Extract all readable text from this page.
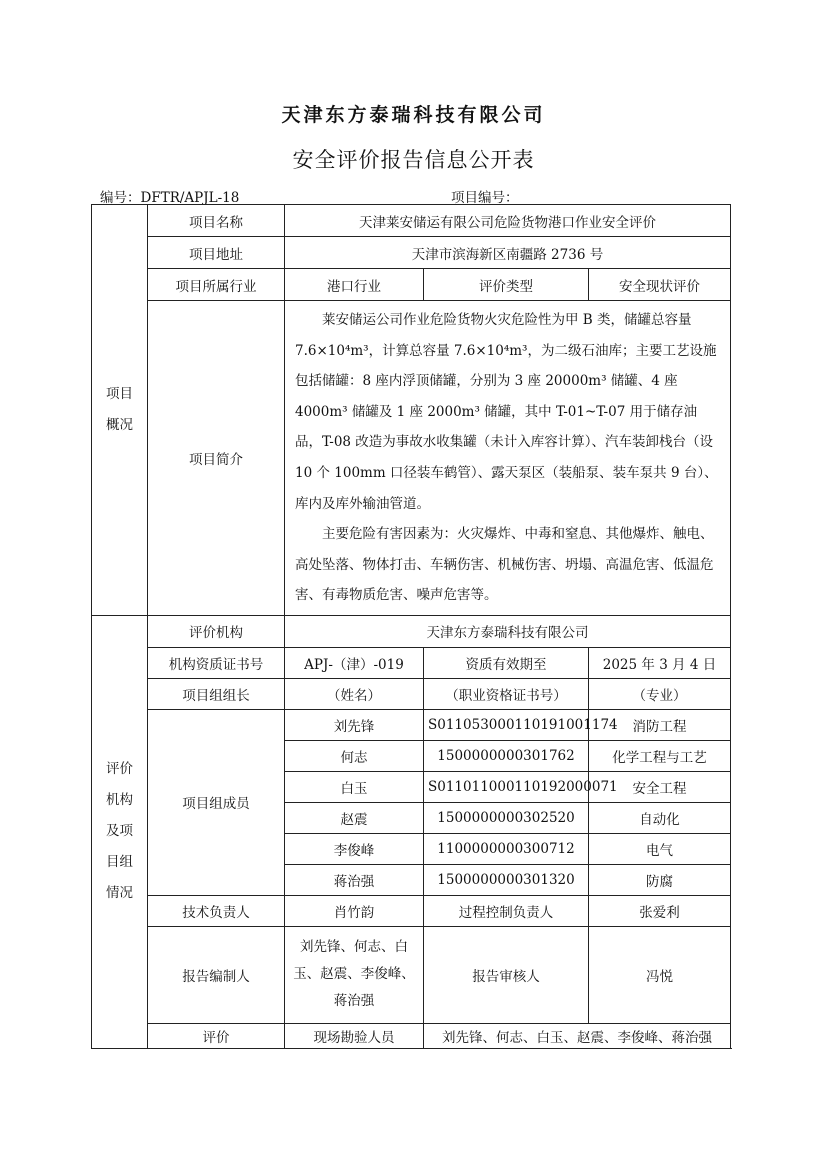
天津东方泰瑞科技有限公司
安全评价报告信息公开表
编号：DFTR/APJL-18	项目编号：
项目
概况	项目名称	天津莱安储运有限公司危险货物港口作业安全评价		
	项目地址	天津市滨海新区南疆路 2736 号		
	项目所属行业	港口行业	评价类型	安全现状评价
	项目简介	莱安储运公司作业危险货物火灾危险性为甲 B 类，储罐总容量 7.6×10⁴m³，计算总容量 7.6×10⁴m³，为二级石油库；主要工艺设施包括储罐：8 座内浮顶储罐，分别为 3 座 20000m³ 储罐、4 座 4000m³ 储罐及 1 座 2000m³ 储罐，其中 T-01~T-07 用于储存油品，T-08 改造为事故水收集罐（未计入库容计算）、汽车装卸栈台（设 10 个 100mm 口径装车鹤管）、露天泵区（装船泵、装车泵共 9 台）、库内及库外输油管道。

主要危险有害因素为：火灾爆炸、中毒和窒息、其他爆炸、触电、高处坠落、物体打击、车辆伤害、机械伤害、坍塌、高温危害、低温危害、有毒物质危害、噪声危害等。		

评价
机构
及项
目组
情况	评价机构	天津东方泰瑞科技有限公司		
	机构资质证书号	APJ-（津）-019	资质有效期至	2025 年 3 月 4 日
	项目组组长	（姓名）	（职业资格证书号）	（专业）
	项目组成员	刘先锋	S011053000110191001174	消防工程
		何志	1500000000301762	化学工程与工艺
		白玉	S011011000110192000071	安全工程
		赵震	1500000000302520	自动化
		李俊峰	1100000000300712	电气
		蒋治强	1500000000301320	防腐
	技术负责人	肖竹韵	过程控制负责人	张爱利
	报告编制人	刘先锋、何志、白
玉、赵震、李俊峰、
蒋治强	报告审核人	冯悦
	评价	现场勘验人员	刘先锋、何志、白玉、赵震、李俊峰、蒋治强	
